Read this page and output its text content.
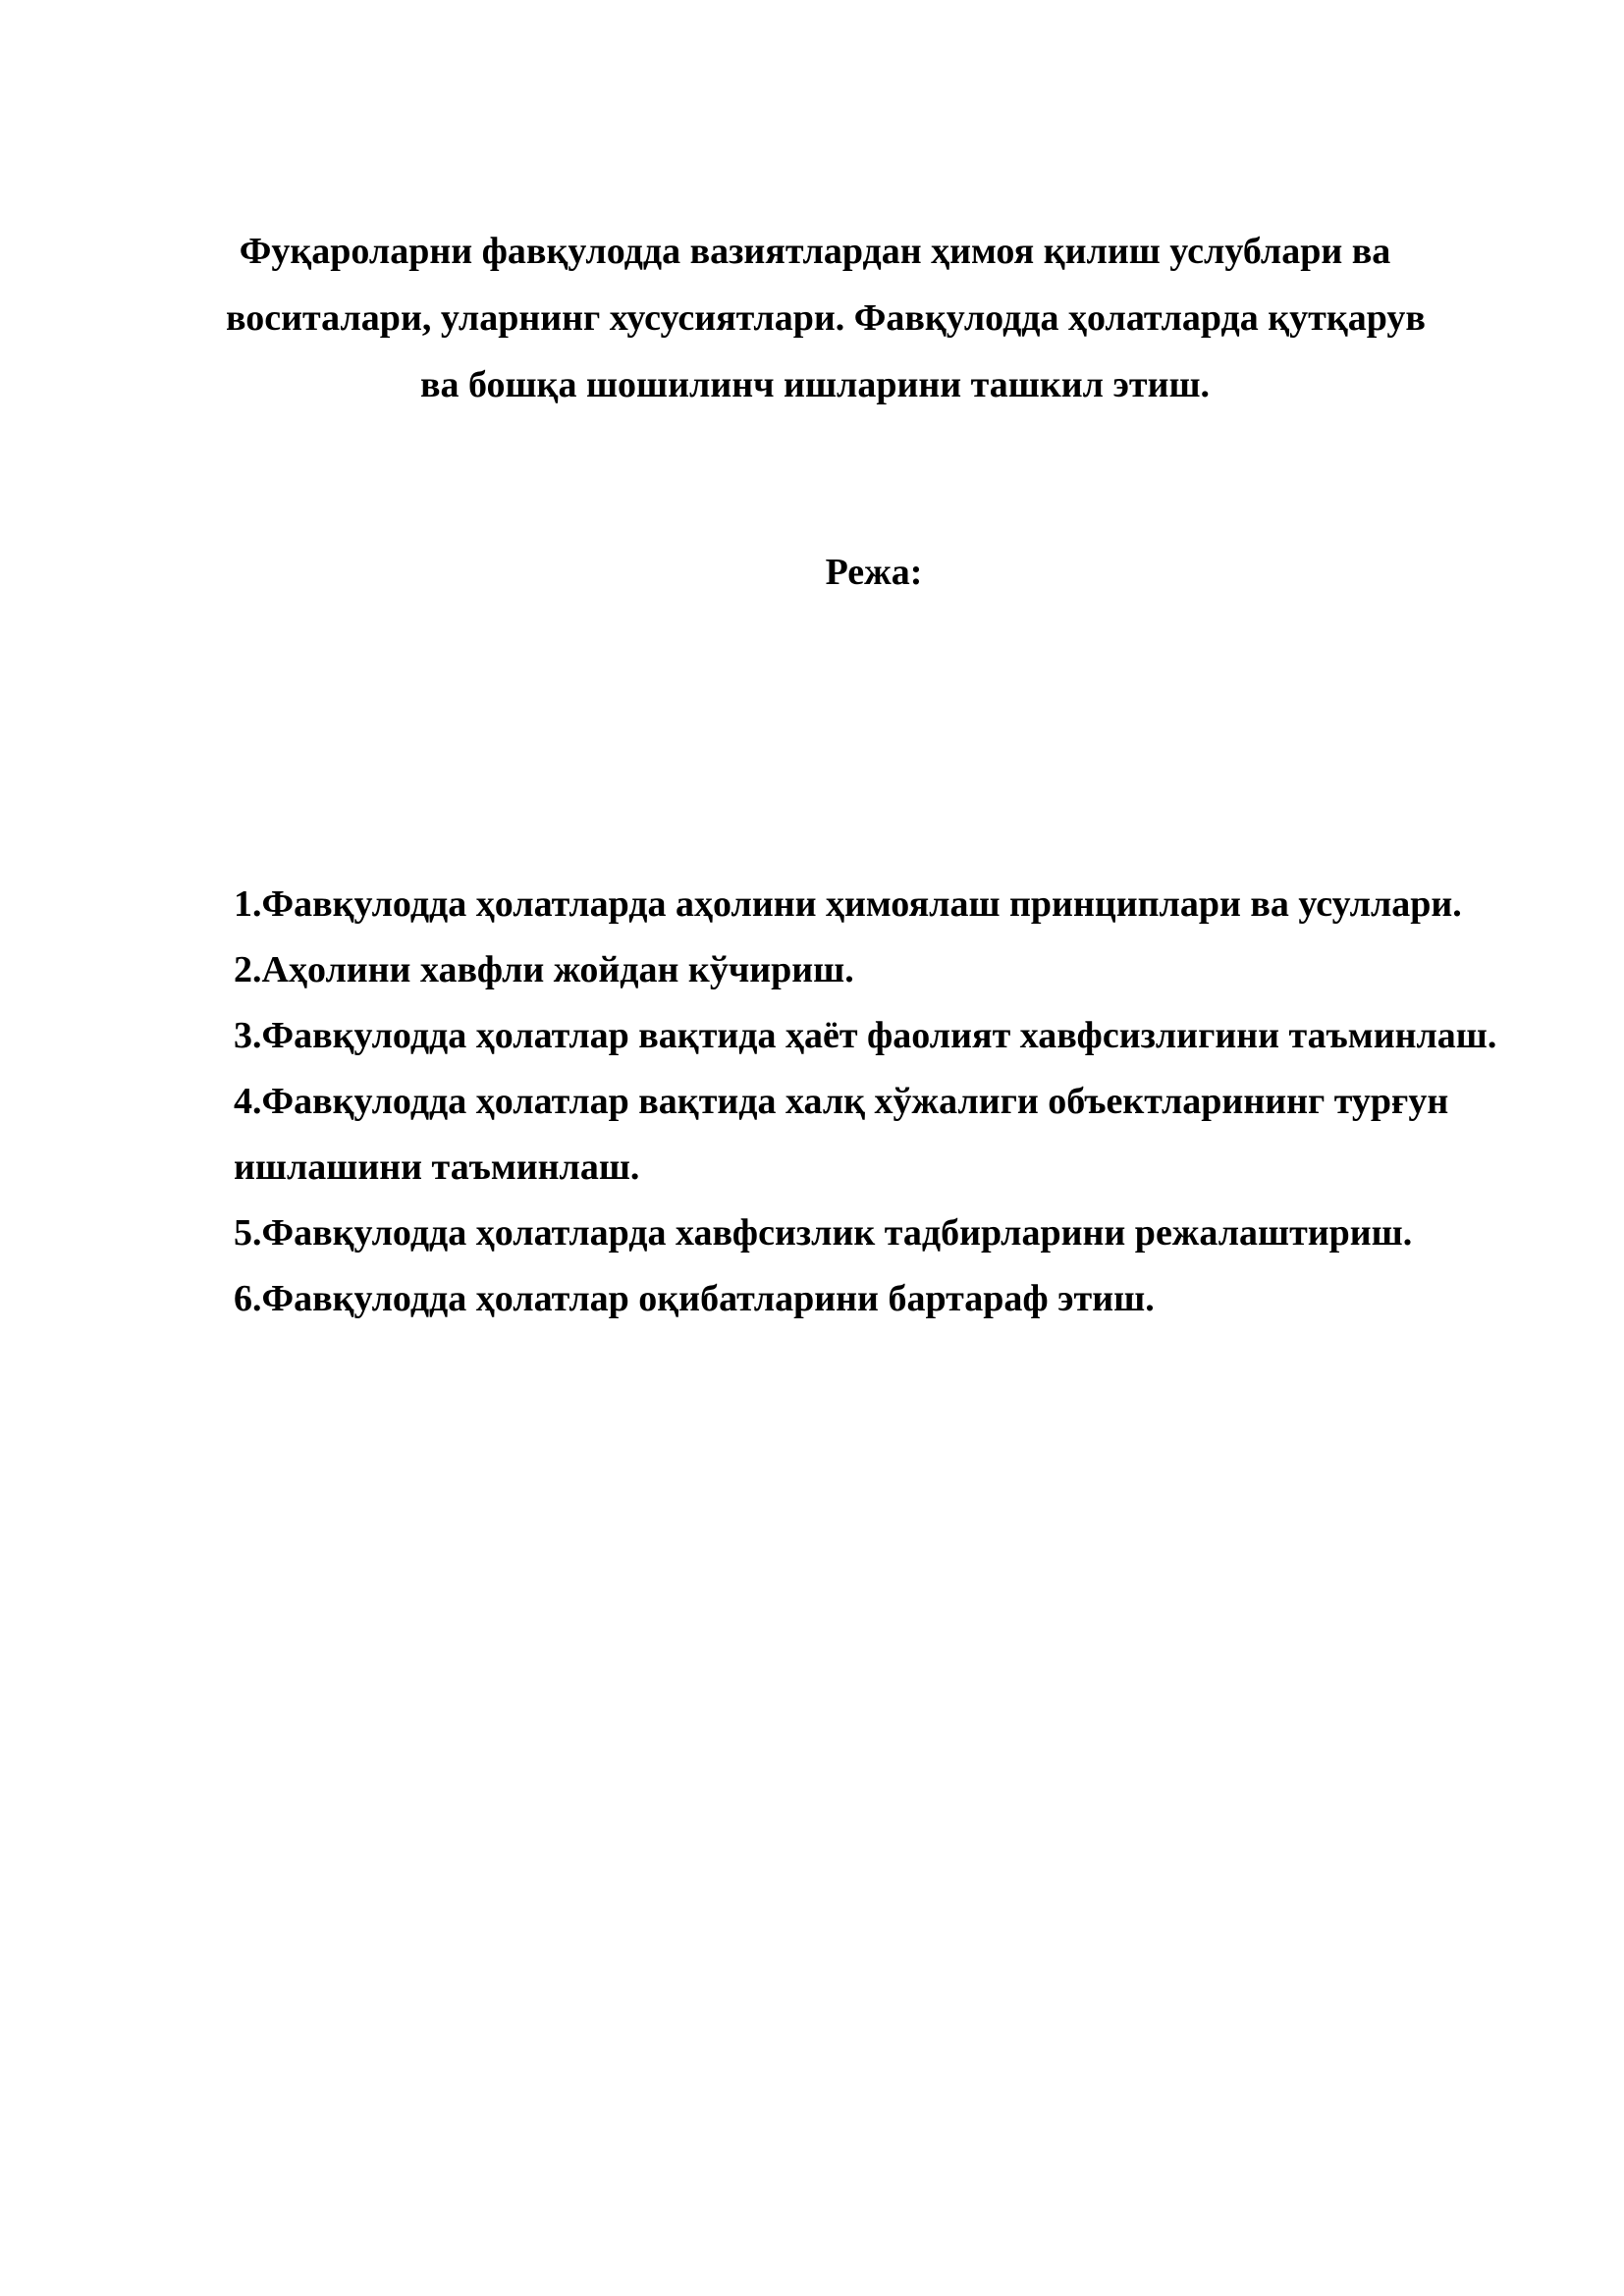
Фуқароларни фавқулодда вазиятлардан ҳимоя қилиш услублари ва
воситалари, уларнинг хусусиятлари. Фавқулодда ҳолатларда қутқарув
ва бошқа шошилинч ишларини ташкил этиш.
Режа:
1.Фавқулодда ҳолатларда аҳолини ҳимоялаш принциплари ва усуллари.
2.Аҳолини хавфли жойдан кўчириш.
3.Фавқулодда ҳолатлар вақтида ҳаёт фаолият хавфсизлигини таъминлаш.
4.Фавқулодда ҳолатлар вақтида халқ хўжалиги объектларининг турғун ишлашини таъминлаш.
5.Фавқулодда ҳолатларда хавфсизлик тадбирларини режалаштириш.
6.Фавқулодда ҳолатлар оқибатларини бартараф этиш.
